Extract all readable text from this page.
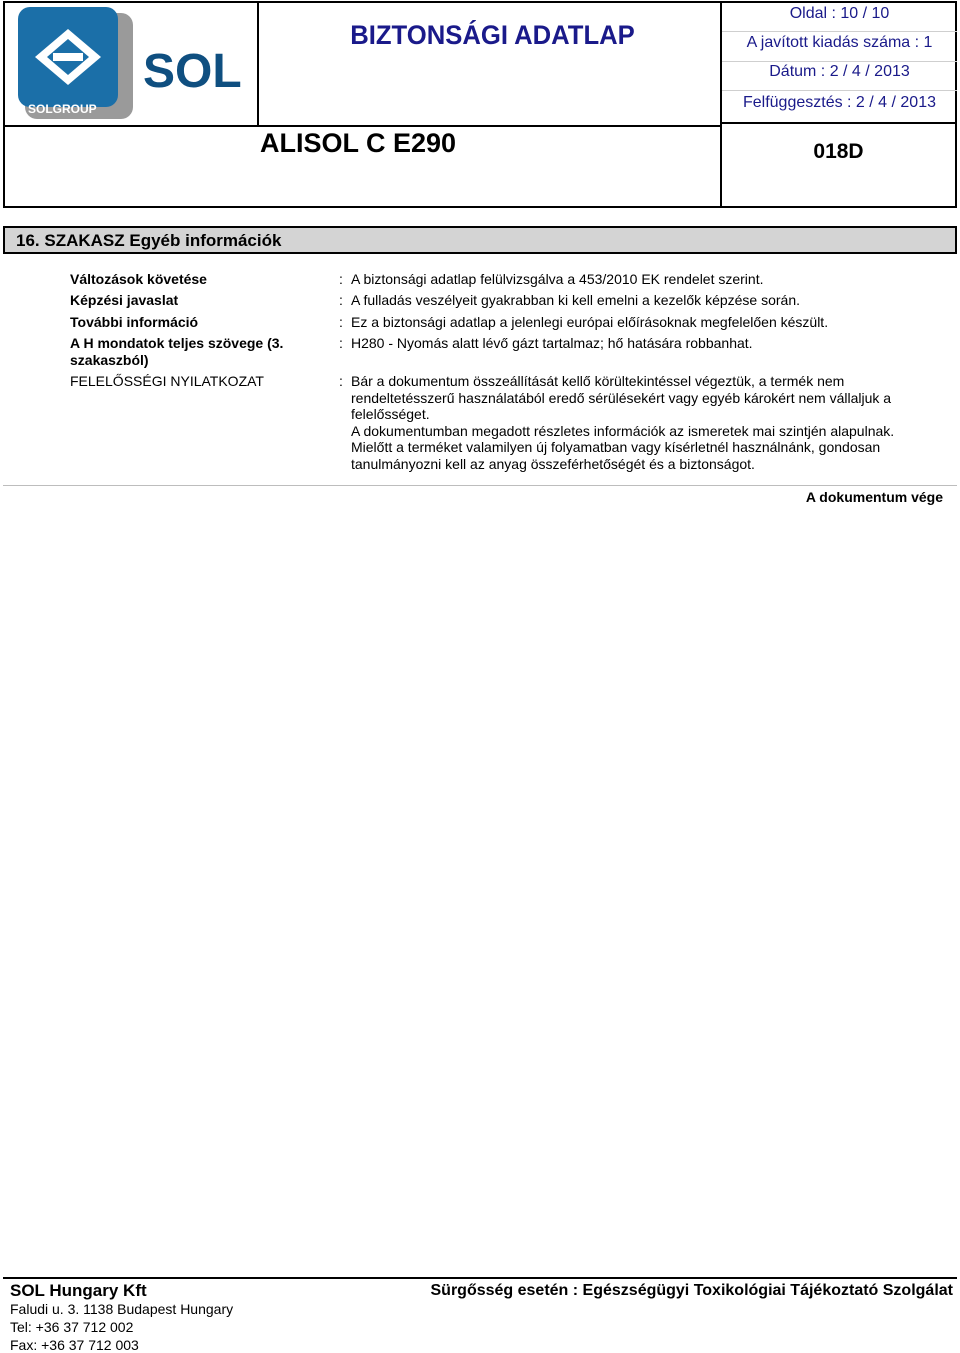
SOL
SOLGROUP
BIZTONSÁGI ADATLAP
ALISOL C E290
Oldal : 10 / 10
A javított kiadás száma : 1
Dátum : 2 / 4 / 2013
Felfüggesztés : 2 / 4 / 2013
018D
16. SZAKASZ Egyéb információk
Változások követése	: A biztonsági adatlap felülvizsgálva a 453/2010 EK rendelet szerint.
Képzési javaslat	: A fulladás veszélyeit gyakrabban ki kell emelni a kezelők képzése során.
További információ	: Ez a biztonsági adatlap a jelenlegi európai előírásoknak megfelelően készült.
A H mondatok teljes szövege (3. szakaszból)
: H280 - Nyomás alatt lévő gázt tartalmaz; hő hatására robbanhat.
FELELŐSSÉGI NYILATKOZAT	: Bár a dokumentum összeállítását kellő körültekintéssel végeztük, a termék nem
rendeltetésszerű használatából eredő sérülésekért vagy egyéb károkért nem vállaljuk a
felelősséget.
A dokumentumban megadott részletes információk az ismeretek mai szintjén alapulnak.
Mielőtt a terméket valamilyen új folyamatban vagy kísérletnél használnánk, gondosan
tanulmányozni kell az anyag összeférhetőségét és a biztonságot.
A dokumentum vége
SOL Hungary Kft
Faludi u. 3. 1138 Budapest Hungary
Tel: +36 37 712 002
Fax: +36 37 712 003
Sürgősség esetén : Egészségügyi Toxikológiai Tájékoztató Szolgálat
